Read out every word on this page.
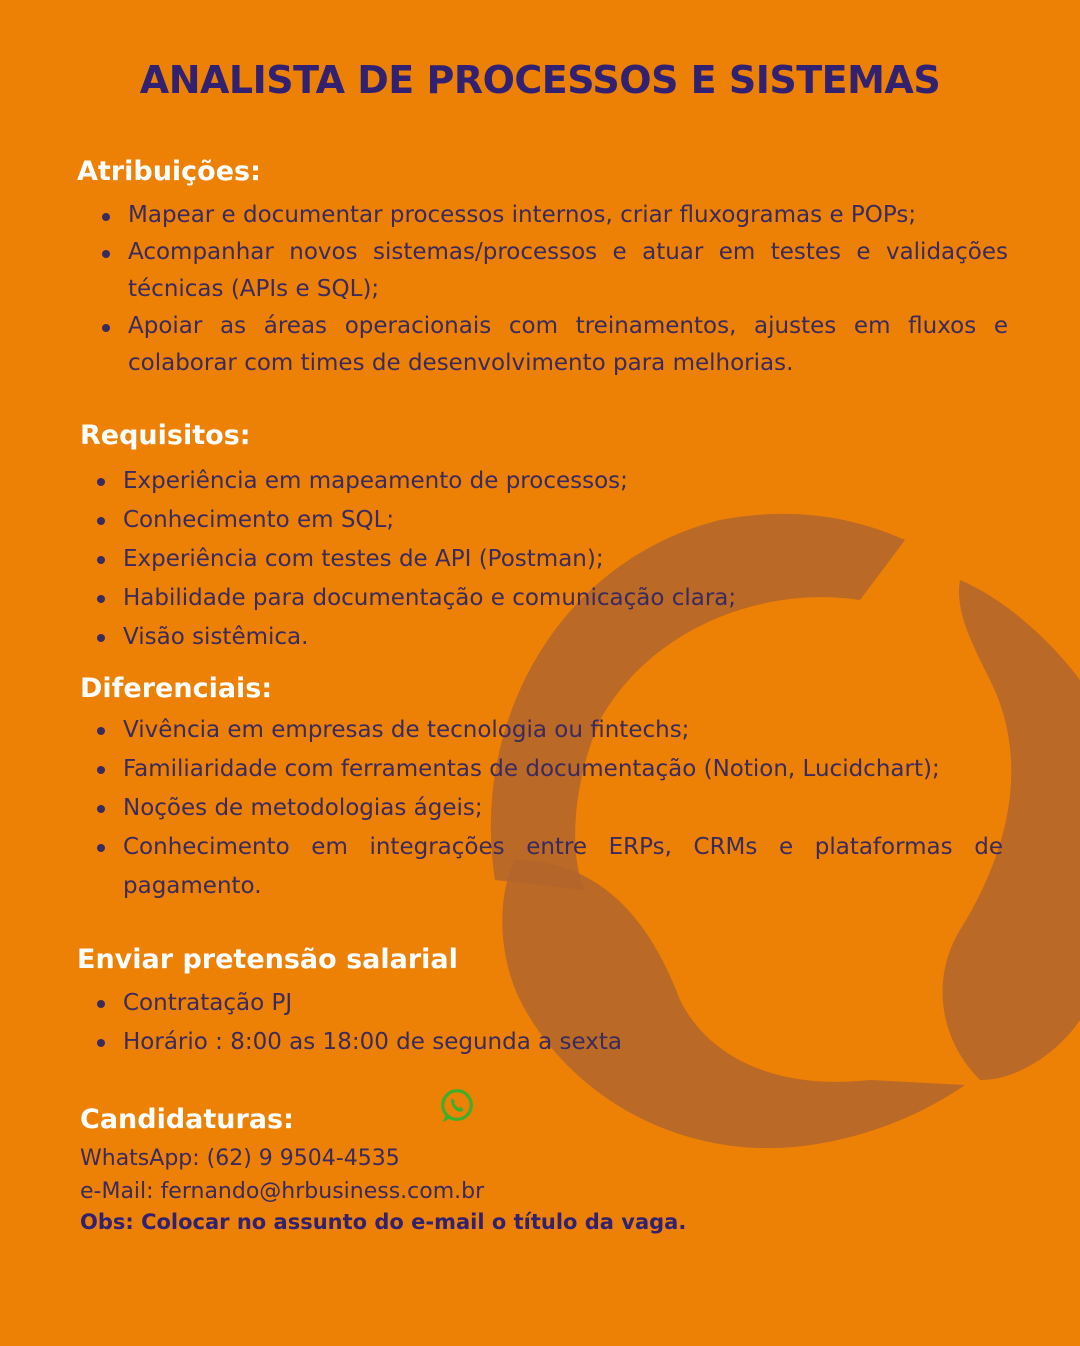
ANALISTA DE PROCESSOS E SISTEMAS
Atribuições:
Mapear e documentar processos internos, criar fluxogramas e POPs;
Acompanhar novos sistemas/processos e atuar em testes e validações técnicas (APIs e SQL);
Apoiar as áreas operacionais com treinamentos, ajustes em fluxos e colaborar com times de desenvolvimento para melhorias.
Requisitos:
Experiência em mapeamento de processos;
Conhecimento em SQL;
Experiência com testes de API (Postman);
Habilidade para documentação e comunicação clara;
Visão sistêmica.
Diferenciais:
Vivência em empresas de tecnologia ou fintechs;
Familiaridade com ferramentas de documentação (Notion, Lucidchart);
Noções de metodologias ágeis;
Conhecimento em integrações entre ERPs, CRMs e plataformas de pagamento.
Enviar pretensão salarial
Contratação PJ
Horário : 8:00 as 18:00 de segunda a sexta
Candidaturas:

WhatsApp: (62) 9 9504-4535

e-Mail: fernando@hrbusiness.com.br

Obs: Colocar no assunto do e-mail o título da vaga.
